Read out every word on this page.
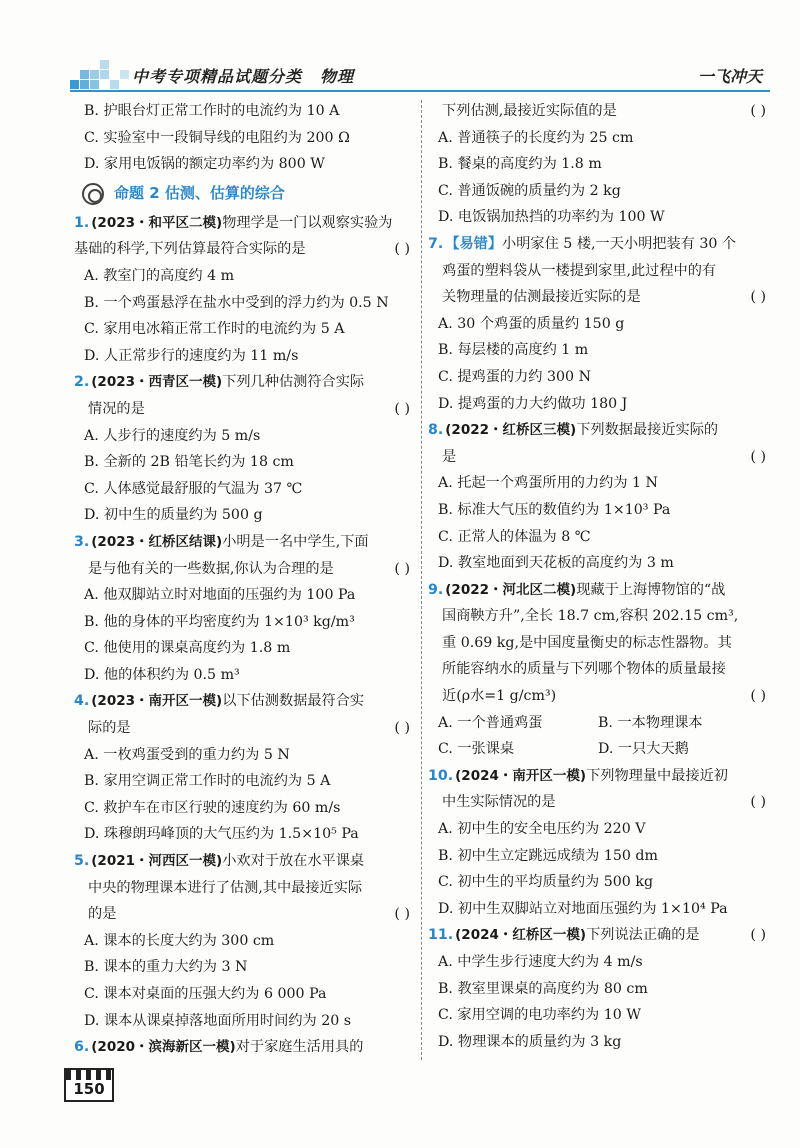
中考专项精品试题分类 物理	一飞冲天
B. 护眼台灯正常工作时的电流约为 10 A
C. 实验室中一段铜导线的电阻约为 200 Ω
D. 家用电饭锅的额定功率约为 800 W
命题 2 估测、估算的综合
1. (2023・和平区二模)物理学是一门以观察实验为
基础的科学,下列估算最符合实际的是	( )
A. 教室门的高度约 4 m
B. 一个鸡蛋悬浮在盐水中受到的浮力约为 0.5 N
C. 家用电冰箱正常工作时的电流约为 5 A
D. 人正常步行的速度约为 11 m/s
2. (2023・西青区一模)下列几种估测符合实际
情况的是	( )
A. 人步行的速度约为 5 m/s
B. 全新的 2B 铅笔长约为 18 cm
C. 人体感觉最舒服的气温为 37 ℃
D. 初中生的质量约为 500 g
3. (2023・红桥区结课)小明是一名中学生,下面
是与他有关的一些数据,你认为合理的是	( )
A. 他双脚站立时对地面的压强约为 100 Pa
B. 他的身体的平均密度约为 1×10³ kg/m³
C. 他使用的课桌高度约为 1.8 m
D. 他的体积约为 0.5 m³
4. (2023・南开区一模)以下估测数据最符合实
际的是	( )
A. 一枚鸡蛋受到的重力约为 5 N
B. 家用空调正常工作时的电流约为 5 A
C. 救护车在市区行驶的速度约为 60 m/s
D. 珠穆朗玛峰顶的大气压约为 1.5×10⁵ Pa
5. (2021・河西区一模)小欢对于放在水平课桌
中央的物理课本进行了估测,其中最接近实际
的是	( )
A. 课本的长度大约为 300 cm
B. 课本的重力大约为 3 N
C. 课本对桌面的压强大约为 6 000 Pa
D. 课本从课桌掉落地面所用时间约为 20 s
6. (2020・滨海新区一模)对于家庭生活用具的
下列估测,最接近实际值的是	( )
A. 普通筷子的长度约为 25 cm
B. 餐桌的高度约为 1.8 m
C. 普通饭碗的质量约为 2 kg
D. 电饭锅加热挡的功率约为 100 W
7. 【易错】小明家住 5 楼,一天小明把装有 30 个
鸡蛋的塑料袋从一楼提到家里,此过程中的有
关物理量的估测最接近实际的是	( )
A. 30 个鸡蛋的质量约 150 g
B. 每层楼的高度约 1 m
C. 提鸡蛋的力约 300 N
D. 提鸡蛋的力大约做功 180 J
8. (2022・红桥区三模)下列数据最接近实际的
是	( )
A. 托起一个鸡蛋所用的力约为 1 N
B. 标准大气压的数值约为 1×10³ Pa
C. 正常人的体温为 8 ℃
D. 教室地面到天花板的高度约为 3 m
9. (2022・河北区二模)现藏于上海博物馆的“战
国商鞅方升”,全长 18.7 cm,容积 202.15 cm³,
重 0.69 kg,是中国度量衡史的标志性器物。其
所能容纳水的质量与下列哪个物体的质量最接
近(ρ水=1 g/cm³)	( )
A. 一个普通鸡蛋	B. 一本物理课本
C. 一张课桌	D. 一只大天鹅
10. (2024・南开区一模)下列物理量中最接近初
中生实际情况的是	( )
A. 初中生的安全电压约为 220 V
B. 初中生立定跳远成绩为 150 dm
C. 初中生的平均质量约为 500 kg
D. 初中生双脚站立对地面压强约为 1×10⁴ Pa
11. (2024・红桥区一模)下列说法正确的是	( )
A. 中学生步行速度大约为 4 m/s
B. 教室里课桌的高度约为 80 cm
C. 家用空调的电功率约为 10 W
D. 物理课本的质量约为 3 kg
150
